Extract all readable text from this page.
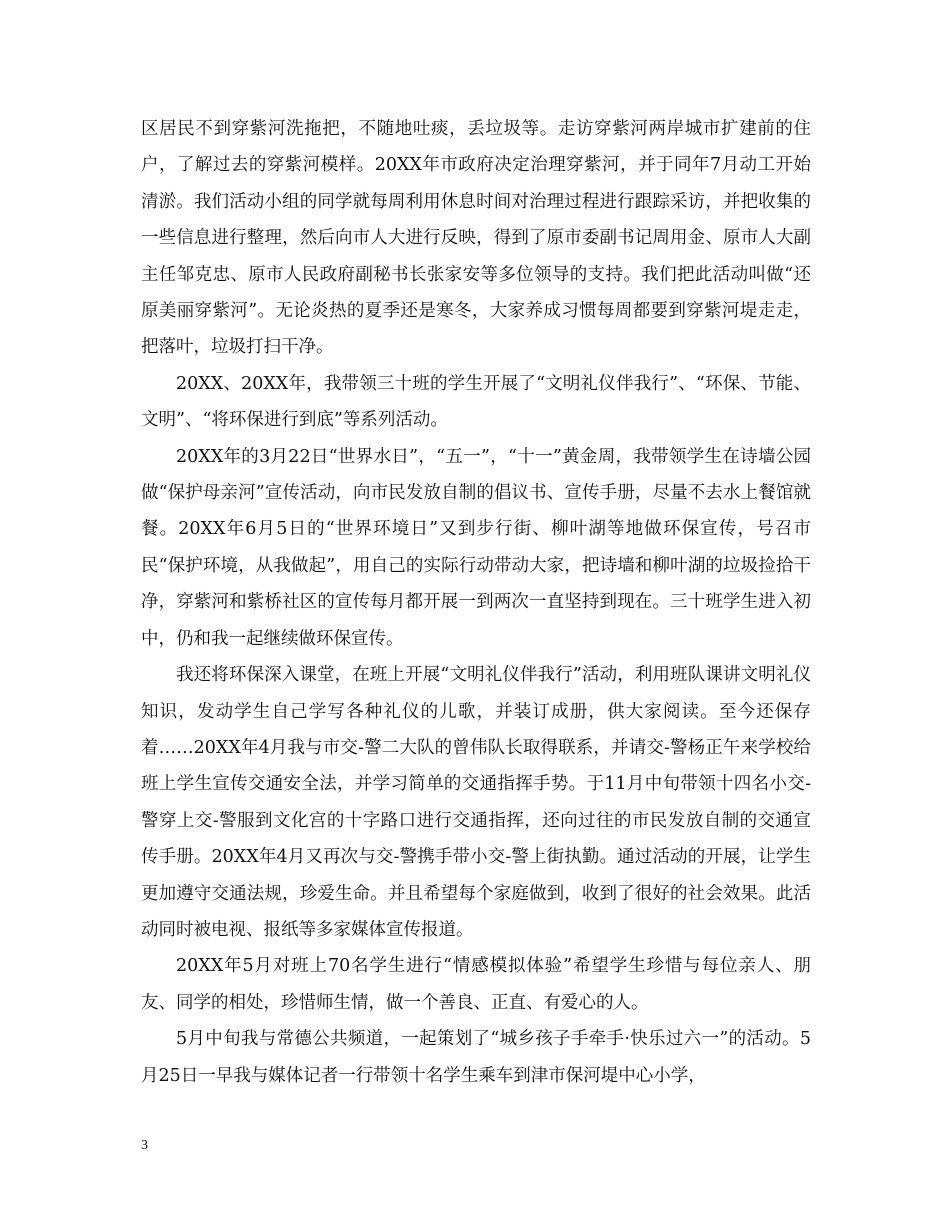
区居民不到穿紫河洗拖把，不随地吐痰，丢垃圾等。走访穿紫河两岸城市扩建前的住户，了解过去的穿紫河模样。20XX年市政府决定治理穿紫河，并于同年7月动工开始清淤。我们活动小组的同学就每周利用休息时间对治理过程进行跟踪采访，并把收集的一些信息进行整理，然后向市人大进行反映，得到了原市委副书记周用金、原市人大副主任邹克忠、原市人民政府副秘书长张家安等多位领导的支持。我们把此活动叫做“还原美丽穿紫河”。无论炎热的夏季还是寒冬，大家养成习惯每周都要到穿紫河堤走走，把落叶，垃圾打扫干净。

20XX、20XX年，我带领三十班的学生开展了“文明礼仪伴我行”、“环保、节能、文明”、“将环保进行到底”等系列活动。

20XX年的3月22日“世界水日”，“五一”，“十一”黄金周，我带领学生在诗墙公园做“保护母亲河”宣传活动，向市民发放自制的倡议书、宣传手册，尽量不去水上餐馆就餐。20XX年6月5日的“世界环境日”又到步行街、柳叶湖等地做环保宣传，号召市民“保护环境，从我做起”，用自己的实际行动带动大家，把诗墙和柳叶湖的垃圾捡拾干净，穿紫河和紫桥社区的宣传每月都开展一到两次一直坚持到现在。三十班学生进入初中，仍和我一起继续做环保宣传。

我还将环保深入课堂，在班上开展“文明礼仪伴我行”活动，利用班队课讲文明礼仪知识，发动学生自己学写各种礼仪的儿歌，并装订成册，供大家阅读。至今还保存着……20XX年4月我与市交-警二大队的曾伟队长取得联系，并请交-警杨正午来学校给班上学生宣传交通安全法，并学习简单的交通指挥手势。于11月中旬带领十四名小交-警穿上交-警服到文化宫的十字路口进行交通指挥，还向过往的市民发放自制的交通宣传手册。20XX年4月又再次与交-警携手带小交-警上街执勤。通过活动的开展，让学生更加遵守交通法规，珍爱生命。并且希望每个家庭做到，收到了很好的社会效果。此活动同时被电视、报纸等多家媒体宣传报道。

20XX年5月对班上70名学生进行“情感模拟体验”希望学生珍惜与每位亲人、朋友、同学的相处，珍惜师生情，做一个善良、正直、有爱心的人。

5月中旬我与常德公共频道，一起策划了“城乡孩子手牵手·快乐过六一”的活动。5月25日一早我与媒体记者一行带领十名学生乘车到津市保河堤中心小学，

3
